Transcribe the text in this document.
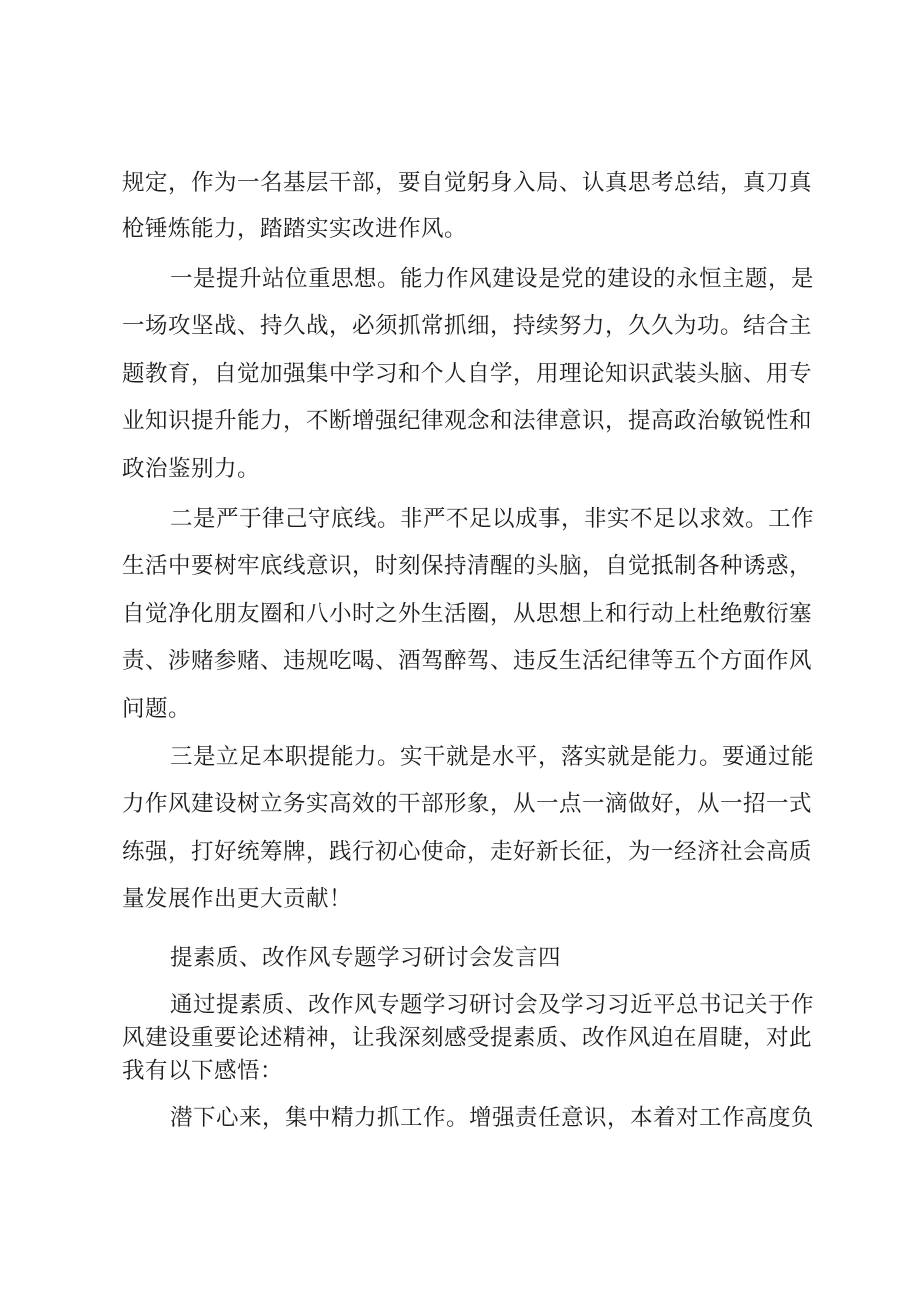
规定，作为一名基层干部，要自觉躬身入局、认真思考总结，真刀真
枪锤炼能力，踏踏实实改进作风。
一是提升站位重思想。能力作风建设是党的建设的永恒主题，是
一场攻坚战、持久战，必须抓常抓细，持续努力，久久为功。结合主
题教育，自觉加强集中学习和个人自学，用理论知识武装头脑、用专
业知识提升能力，不断增强纪律观念和法律意识，提高政治敏锐性和
政治鉴别力。
二是严于律己守底线。非严不足以成事，非实不足以求效。工作
生活中要树牢底线意识，时刻保持清醒的头脑，自觉抵制各种诱惑，
自觉净化朋友圈和八小时之外生活圈，从思想上和行动上杜绝敷衍塞
责、涉赌参赌、违规吃喝、酒驾醉驾、违反生活纪律等五个方面作风
问题。
三是立足本职提能力。实干就是水平，落实就是能力。要通过能
力作风建设树立务实高效的干部形象，从一点一滴做好，从一招一式
练强，打好统筹牌，践行初心使命，走好新长征，为一经济社会高质
量发展作出更大贡献！
提素质、改作风专题学习研讨会发言四
通过提素质、改作风专题学习研讨会及学习习近平总书记关于作
风建设重要论述精神，让我深刻感受提素质、改作风迫在眉睫，对此
我有以下感悟：
潜下心来，集中精力抓工作。增强责任意识，本着对工作高度负
